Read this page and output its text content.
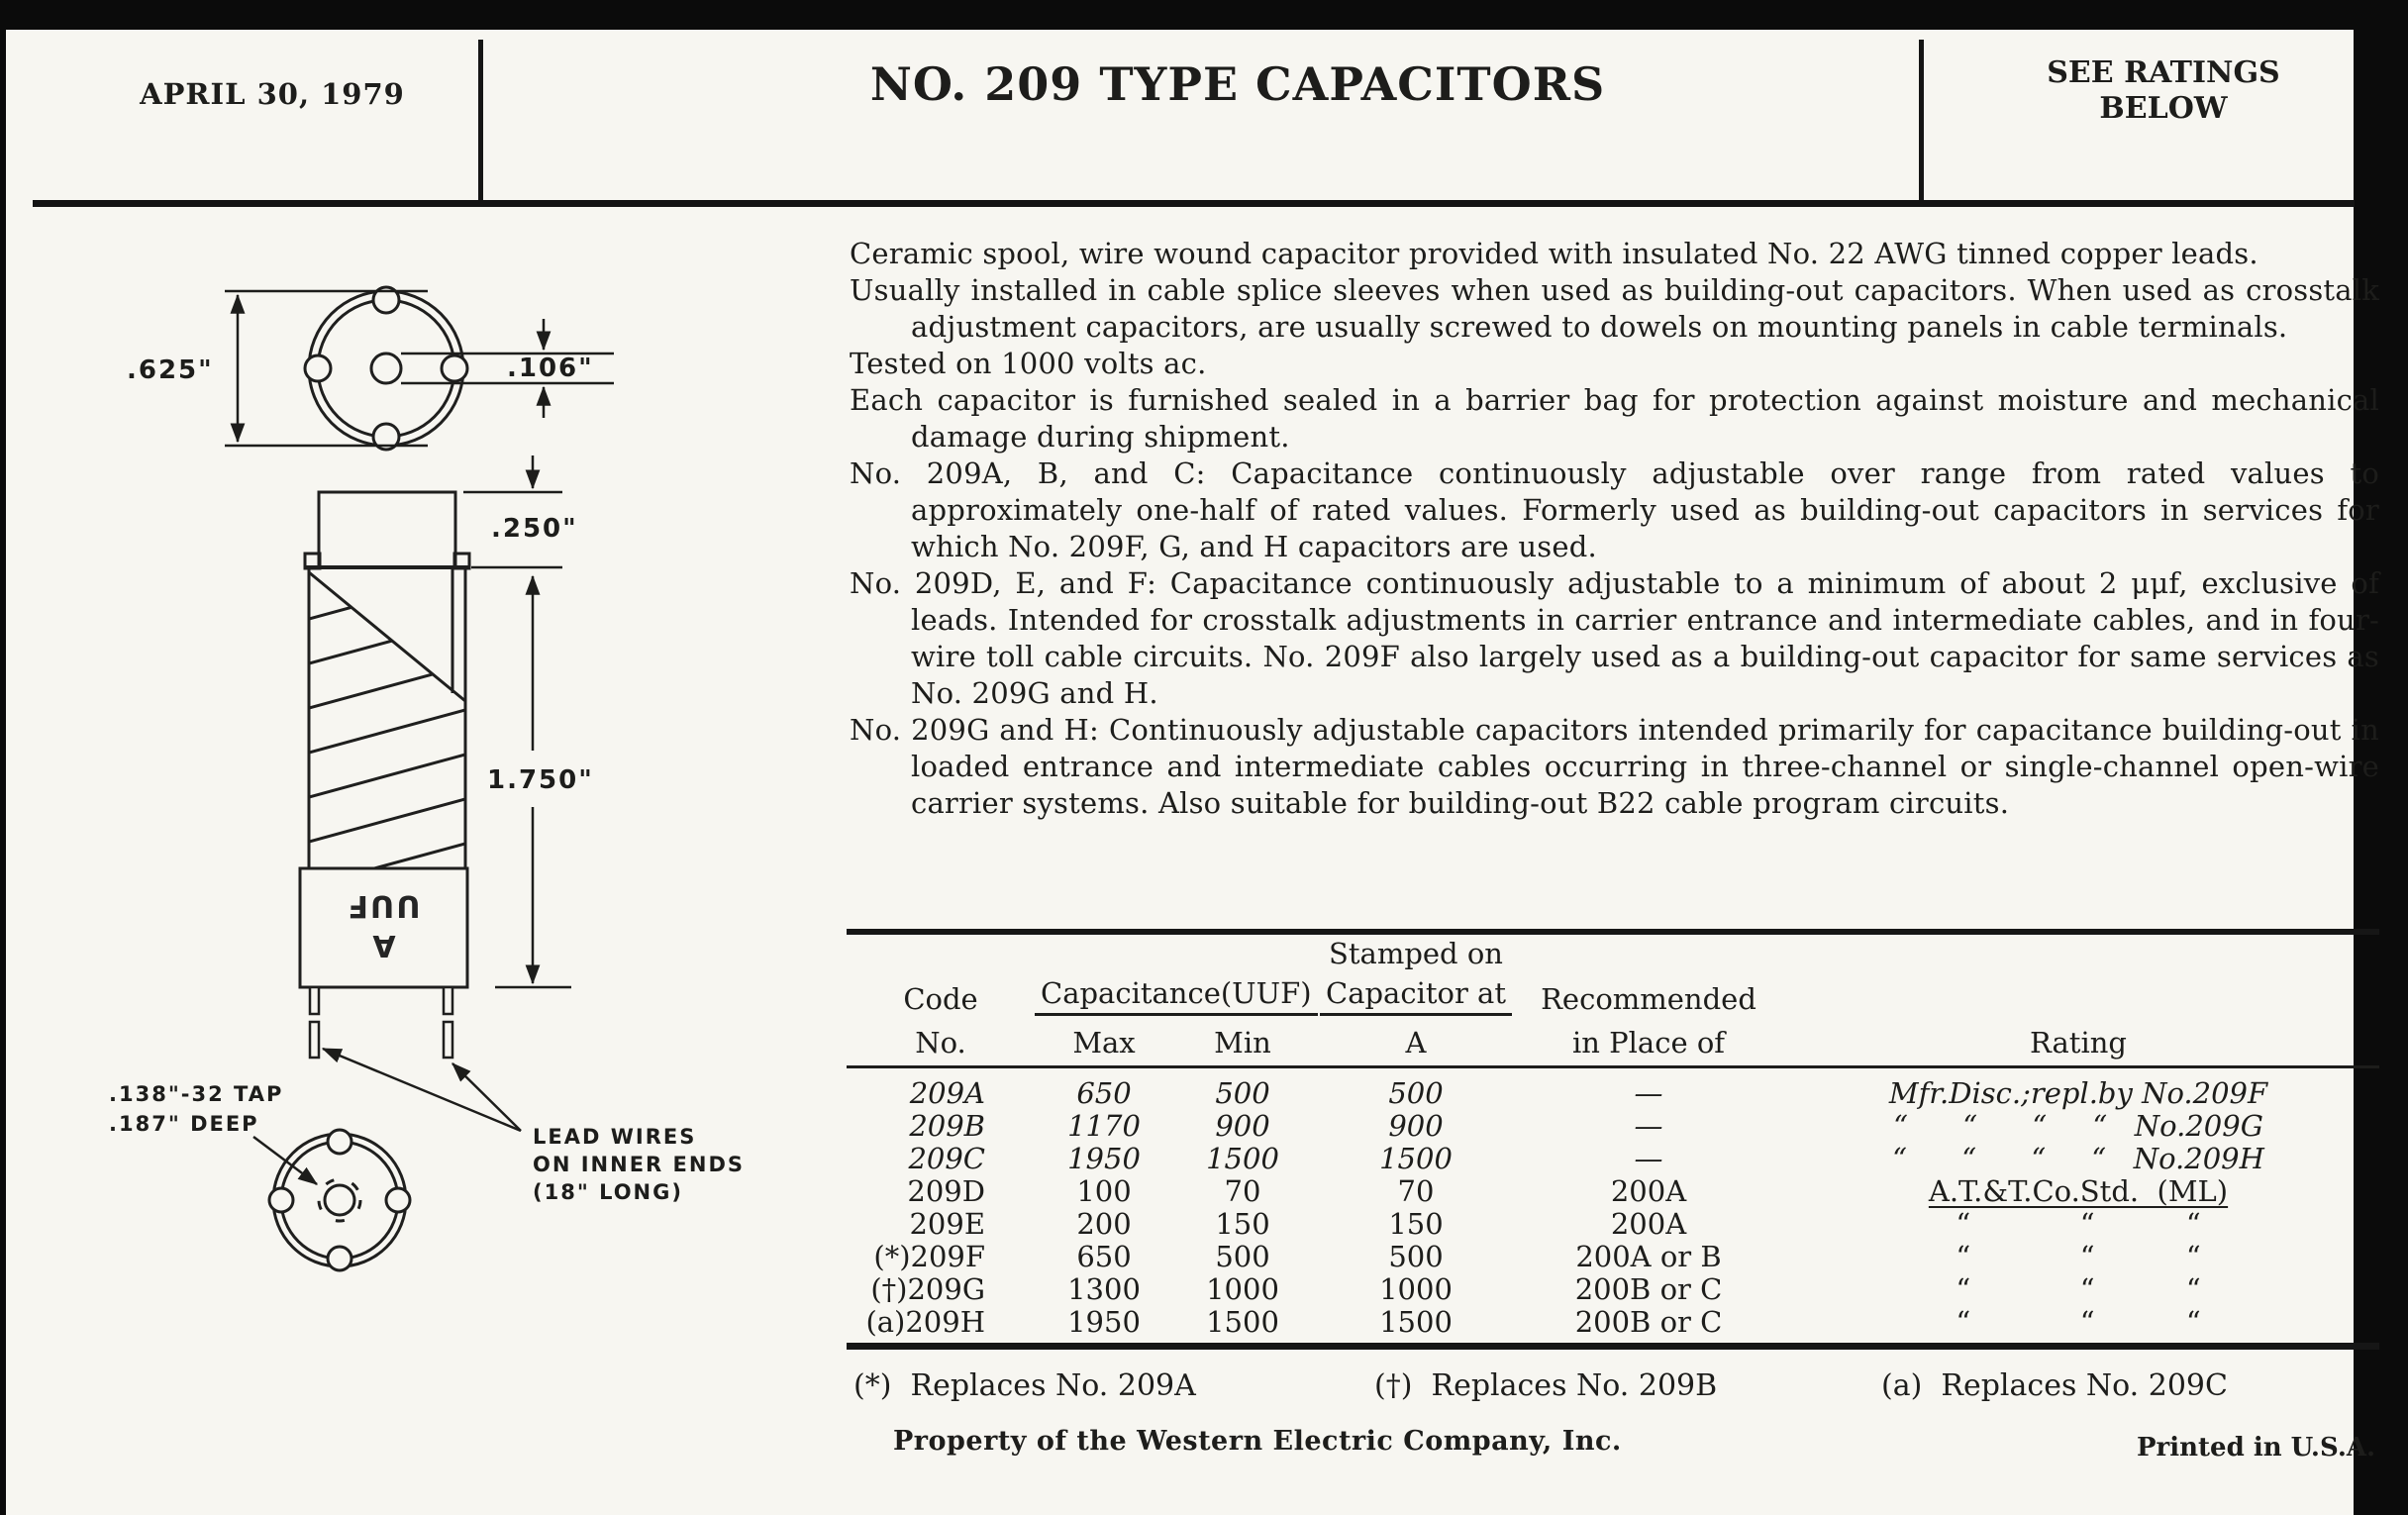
APRIL 30, 1979	NO. 209 TYPE CAPACITORS	SEE RATINGS
BELOW
.625"	.106"
A
UUF
.250"
1.750"
.138"-32 TAP
.187" DEEP
LEAD WIRES
ON INNER ENDS
(18" LONG)

Ceramic spool, wire wound capacitor provided with insulated No. 22 AWG tinned copper leads.

Usually installed in cable splice sleeves when used as building-out capacitors. When used as crosstalk adjustment capacitors, are usually screwed to dowels on mounting panels in cable terminals.

Tested on 1000 volts ac.

Each capacitor is furnished sealed in a barrier bag for protection against moisture and mechanical damage during shipment.

No. 209A, B, and C: Capacitance continuously adjustable over range from rated values to approximately one-half of rated values. Formerly used as building-out capacitors in services for which No. 209F, G, and H capacitors are used.

No. 209D, E, and F: Capacitance continuously adjustable to a minimum of about 2 μμf, exclusive of leads. Intended for crosstalk adjustments in carrier entrance and intermediate cables, and in four-wire toll cable circuits. No. 209F also largely used as a building-out capacitor for same services as No. 209G and H.

No. 209G and H: Continuously adjustable capacitors intended primarily for capacitance building-out in loaded entrance and intermediate cables occurring in three-channel or single-channel open-wire carrier systems. Also suitable for building-out B22 cable program circuits.

Stamped on
Code	Capacitance(UUF) Capacitor at	Recommended
No.	Max	Min	A	in Place of	Rating
209A	650	500	500	—	Mfr.Disc.;repl.by No.209F
209B	1170	900	900	—	“      “      “     “   No.209G
209C	1950	1500	1500	—	“      “      “     “   No.209H
209D	100	70	70	200A	A.T.&T.Co.Std.  (ML)
209E	200	150	150	200A	“            “          “
(*)209F	650	500	500	200A or B	“            “          “
(†)209G	1300	1000	1000	200B or C	“            “          “
(a)209H	1950	1500	1500	200B or C	“            “          “
(*)  Replaces No. 209A	(†)  Replaces No. 209B	(a)  Replaces No. 209C
Property of the Western Electric Company, Inc.	Printed in U.S.A.
